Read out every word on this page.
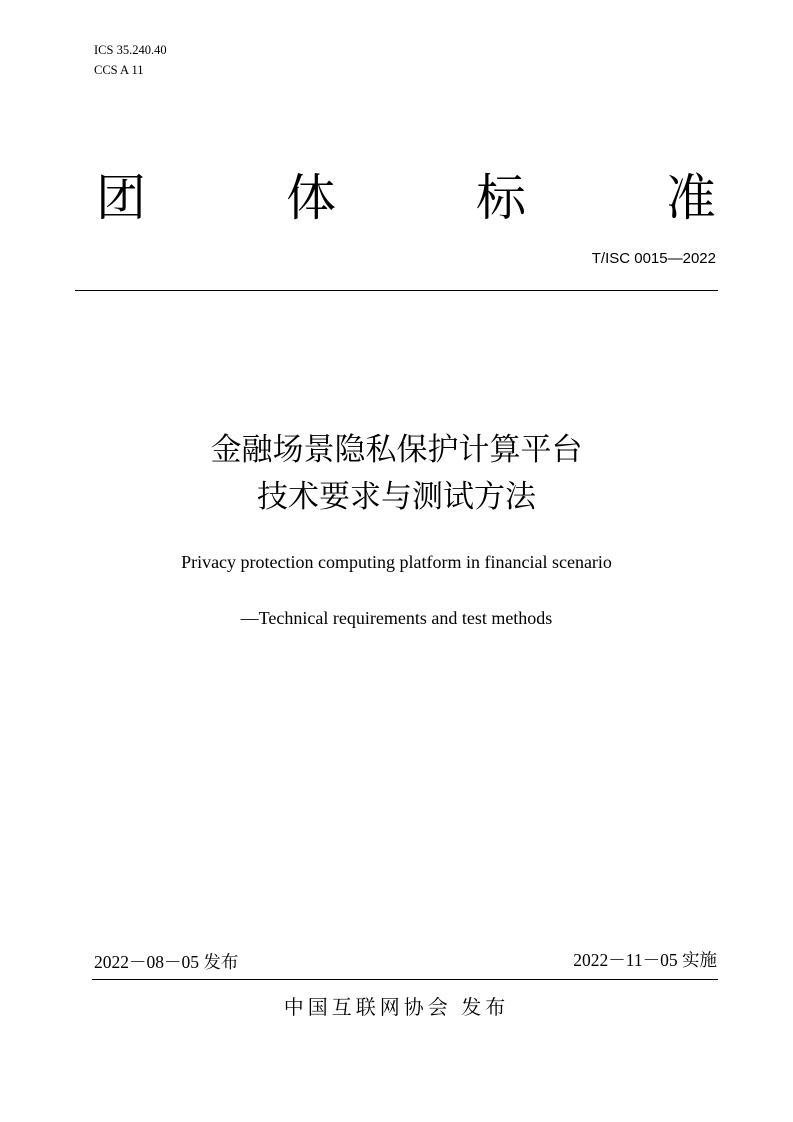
ICS 35.240.40
CCS A 11
团	体	标	准
T/ISC 0015—2022
金融场景隐私保护计算平台
技术要求与测试方法
Privacy protection computing platform in financial scenario
—Technical requirements and test methods
2022－08－05 发布	2022－11－05 实施
中国互联网协会 发布
